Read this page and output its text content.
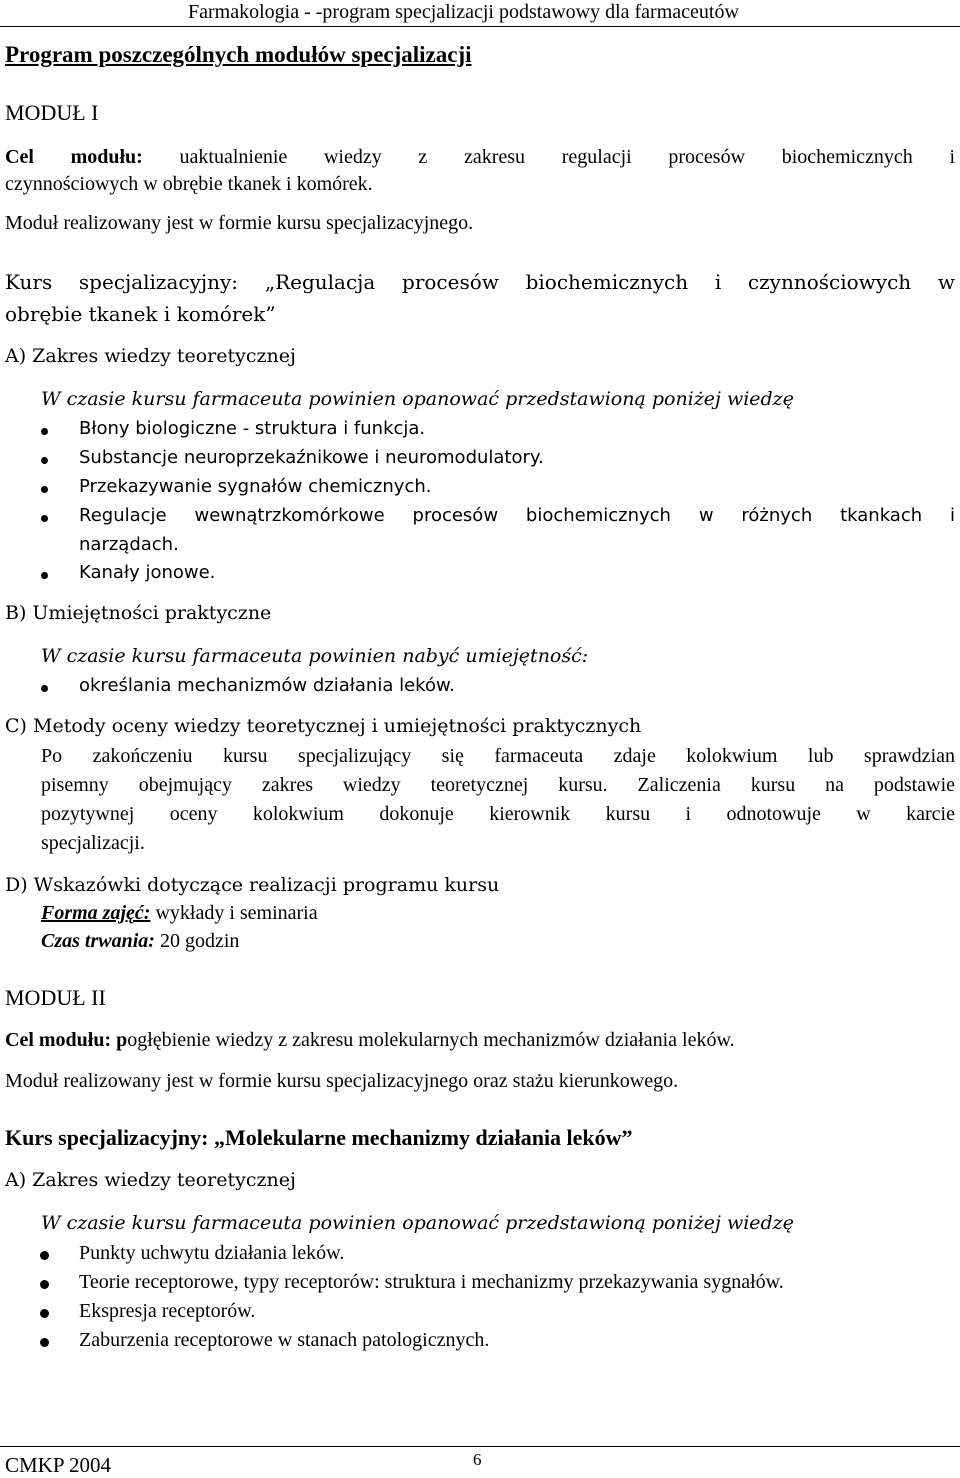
Farmakologia - -program specjalizacji podstawowy dla farmaceutów
Program poszczególnych modułów specjalizacji
MODUŁ I
Cel modułu: uaktualnienie wiedzy z zakresu regulacji procesów biochemicznych i
czynnościowych w obrębie tkanek i komórek.
Moduł realizowany jest w formie kursu specjalizacyjnego.
Kurs specjalizacyjny: „Regulacja procesów biochemicznych i czynnościowych w
obrębie tkanek i komórek”
A) Zakres wiedzy teoretycznej
W czasie kursu farmaceuta powinien opanować przedstawioną poniżej wiedzę
Błony biologiczne - struktura i funkcja.
Substancje neuroprzekaźnikowe i neuromodulatory.
Przekazywanie sygnałów chemicznych.
Regulacje wewnątrzkomórkowe procesów biochemicznych w różnych tkankach i
narządach.
Kanały jonowe.
B) Umiejętności praktyczne
W czasie kursu farmaceuta powinien nabyć umiejętność:
określania mechanizmów działania leków.
C) Metody oceny wiedzy teoretycznej i umiejętności praktycznych
Po zakończeniu kursu specjalizujący się farmaceuta zdaje kolokwium lub sprawdzian
pisemny obejmujący zakres wiedzy teoretycznej kursu. Zaliczenia kursu na podstawie
pozytywnej oceny kolokwium dokonuje kierownik kursu i odnotowuje w karcie
specjalizacji.
D) Wskazówki dotyczące realizacji programu kursu
Forma zajęć: wykłady i seminaria
Czas trwania: 20 godzin
MODUŁ II
Cel modułu: pogłębienie wiedzy z zakresu molekularnych mechanizmów działania leków.
Moduł realizowany jest w formie kursu specjalizacyjnego oraz stażu kierunkowego.
Kurs specjalizacyjny: „Molekularne mechanizmy działania leków”
A) Zakres wiedzy teoretycznej
W czasie kursu farmaceuta powinien opanować przedstawioną poniżej wiedzę
Punkty uchwytu działania leków.
Teorie receptorowe, typy receptorów: struktura i mechanizmy przekazywania sygnałów.
Ekspresja receptorów.
Zaburzenia receptorowe w stanach patologicznych.
CMKP 2004	6
